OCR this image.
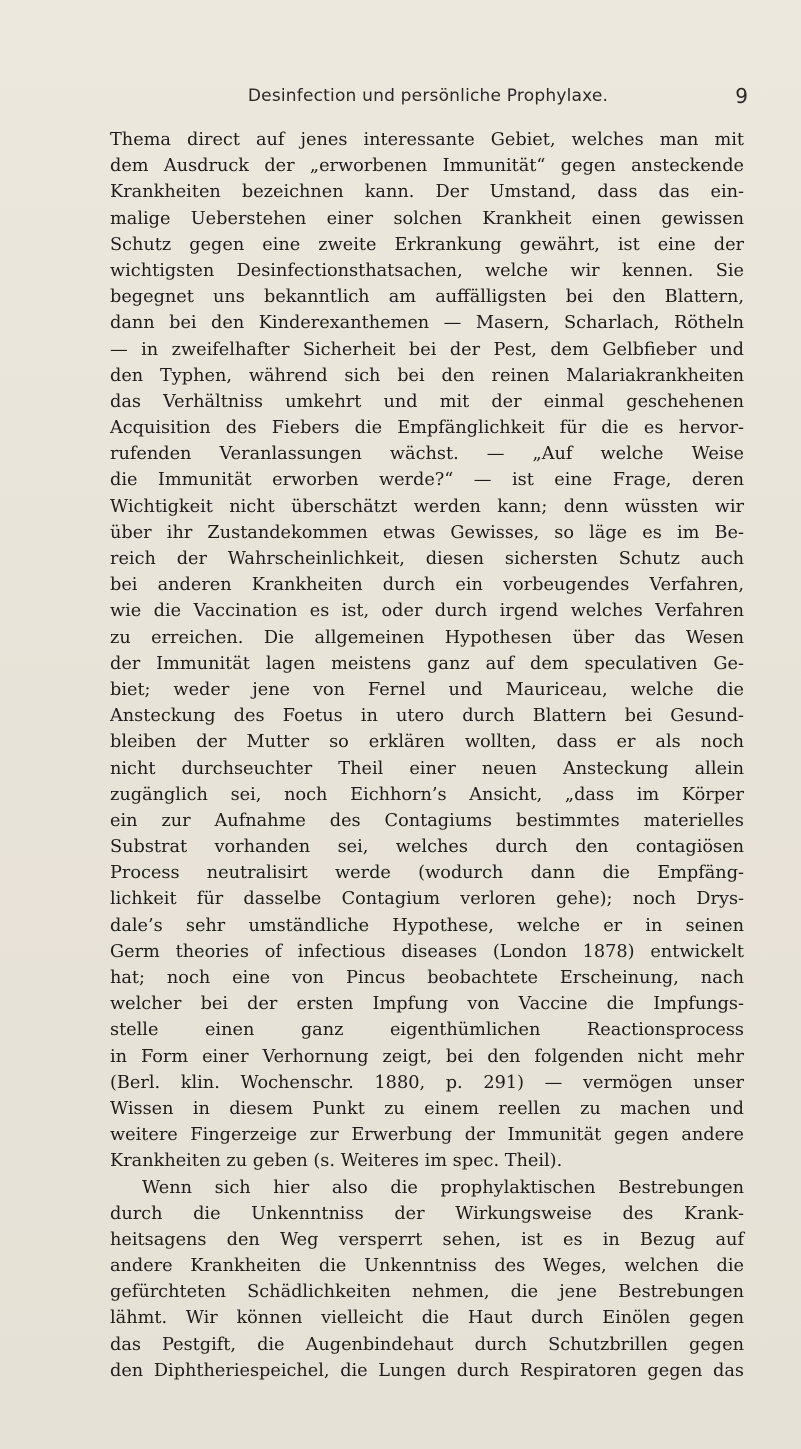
Desinfection und persönliche Prophylaxe.	9
Thema direct auf jenes interessante Gebiet, welches man mit
dem Ausdruck der „erworbenen Immunität“ gegen ansteckende
Krankheiten bezeichnen kann. Der Umstand, dass das ein-
malige Ueberstehen einer solchen Krankheit einen gewissen
Schutz gegen eine zweite Erkrankung gewährt, ist eine der
wichtigsten Desinfectionsthatsachen, welche wir kennen. Sie
begegnet uns bekanntlich am auffälligsten bei den Blattern,
dann bei den Kinderexanthemen — Masern, Scharlach, Rötheln
— in zweifelhafter Sicherheit bei der Pest, dem Gelbfieber und
den Typhen, während sich bei den reinen Malariakrankheiten
das Verhältniss umkehrt und mit der einmal geschehenen
Acquisition des Fiebers die Empfänglichkeit für die es hervor-
rufenden Veranlassungen wächst. — „Auf welche Weise
die Immunität erworben werde?“ — ist eine Frage, deren
Wichtigkeit nicht überschätzt werden kann; denn wüssten wir
über ihr Zustandekommen etwas Gewisses, so läge es im Be-
reich der Wahrscheinlichkeit, diesen sichersten Schutz auch
bei anderen Krankheiten durch ein vorbeugendes Verfahren,
wie die Vaccination es ist, oder durch irgend welches Verfahren
zu erreichen. Die allgemeinen Hypothesen über das Wesen
der Immunität lagen meistens ganz auf dem speculativen Ge-
biet; weder jene von Fernel und Mauriceau, welche die
Ansteckung des Foetus in utero durch Blattern bei Gesund-
bleiben der Mutter so erklären wollten, dass er als noch
nicht durchseuchter Theil einer neuen Ansteckung allein
zugänglich sei, noch Eichhorn’s Ansicht, „dass im Körper
ein zur Aufnahme des Contagiums bestimmtes materielles
Substrat vorhanden sei, welches durch den contagiösen
Process neutralisirt werde (wodurch dann die Empfäng-
lichkeit für dasselbe Contagium verloren gehe); noch Drys-
dale’s sehr umständliche Hypothese, welche er in seinen
Germ theories of infectious diseases (London 1878) entwickelt
hat; noch eine von Pincus beobachtete Erscheinung, nach
welcher bei der ersten Impfung von Vaccine die Impfungs-
stelle einen ganz eigenthümlichen Reactionsprocess
in Form einer Verhornung zeigt, bei den folgenden nicht mehr
(Berl. klin. Wochenschr. 1880, p. 291) — vermögen unser
Wissen in diesem Punkt zu einem reellen zu machen und
weitere Fingerzeige zur Erwerbung der Immunität gegen andere
Krankheiten zu geben (s. Weiteres im spec. Theil).
Wenn sich hier also die prophylaktischen Bestrebungen
durch die Unkenntniss der Wirkungsweise des Krank-
heitsagens den Weg versperrt sehen, ist es in Bezug auf
andere Krankheiten die Unkenntniss des Weges, welchen die
gefürchteten Schädlichkeiten nehmen, die jene Bestrebungen
lähmt. Wir können vielleicht die Haut durch Einölen gegen
das Pestgift, die Augenbindehaut durch Schutzbrillen gegen
den Diphtheriespeichel, die Lungen durch Respiratoren gegen das
